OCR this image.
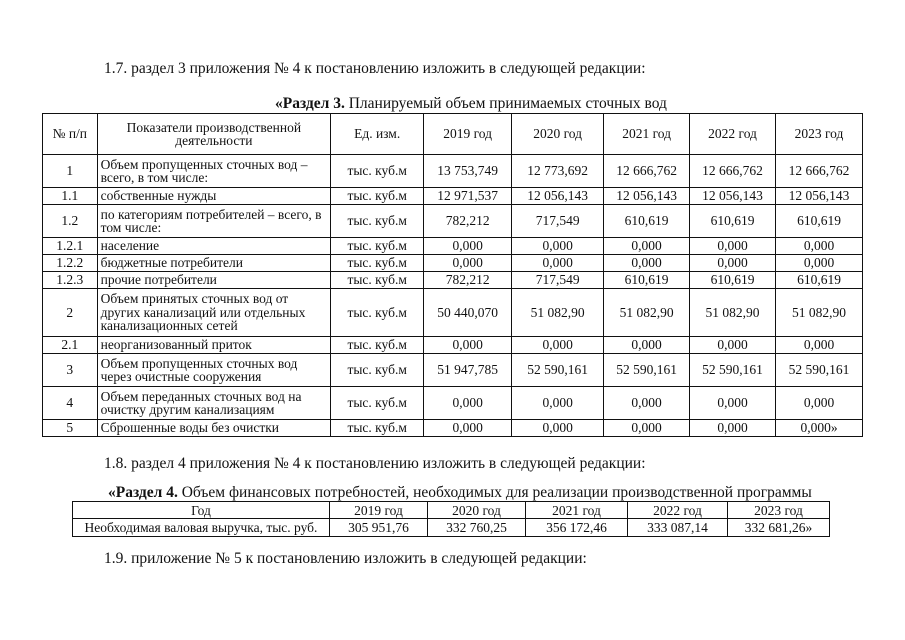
1.7. раздел 3 приложения № 4 к постановлению изложить в следующей редакции:

«Раздел 3. Планируемый объем принимаемых сточных вод

№ п/п	Показатели производственной деятельности	Ед. изм.	2019 год	2020 год	2021 год	2022 год	2023 год
1	Объем пропущенных сточных вод – всего, в том числе:	тыс. куб.м	13 753,749	12 773,692	12 666,762	12 666,762	12 666,762
1.1	собственные нужды	тыс. куб.м	12 971,537	12 056,143	12 056,143	12 056,143	12 056,143
1.2	по категориям потребителей – всего, в том числе:	тыс. куб.м	782,212	717,549	610,619	610,619	610,619
1.2.1	население	тыс. куб.м	0,000	0,000	0,000	0,000	0,000
1.2.2	бюджетные потребители	тыс. куб.м	0,000	0,000	0,000	0,000	0,000
1.2.3	прочие потребители	тыс. куб.м	782,212	717,549	610,619	610,619	610,619
2	Объем принятых сточных вод от других канализаций или отдельных канализационных сетей	тыс. куб.м	50 440,070	51 082,90	51 082,90	51 082,90	51 082,90
2.1	неорганизованный приток	тыс. куб.м	0,000	0,000	0,000	0,000	0,000
3	Объем пропущенных сточных вод через очистные сооружения	тыс. куб.м	51 947,785	52 590,161	52 590,161	52 590,161	52 590,161
4	Объем переданных сточных вод на очистку другим канализациям	тыс. куб.м	0,000	0,000	0,000	0,000	0,000
5	Сброшенные воды без очистки	тыс. куб.м	0,000	0,000	0,000	0,000	0,000»

1.8. раздел 4 приложения № 4 к постановлению изложить в следующей редакции:

«Раздел 4. Объем финансовых потребностей, необходимых для реализации производственной программы

Год	2019 год	2020 год	2021 год	2022 год	2023 год
Необходимая валовая выручка, тыс. руб.	305 951,76	332 760,25	356 172,46	333 087,14	332 681,26»

1.9. приложение № 5 к постановлению изложить в следующей редакции:
